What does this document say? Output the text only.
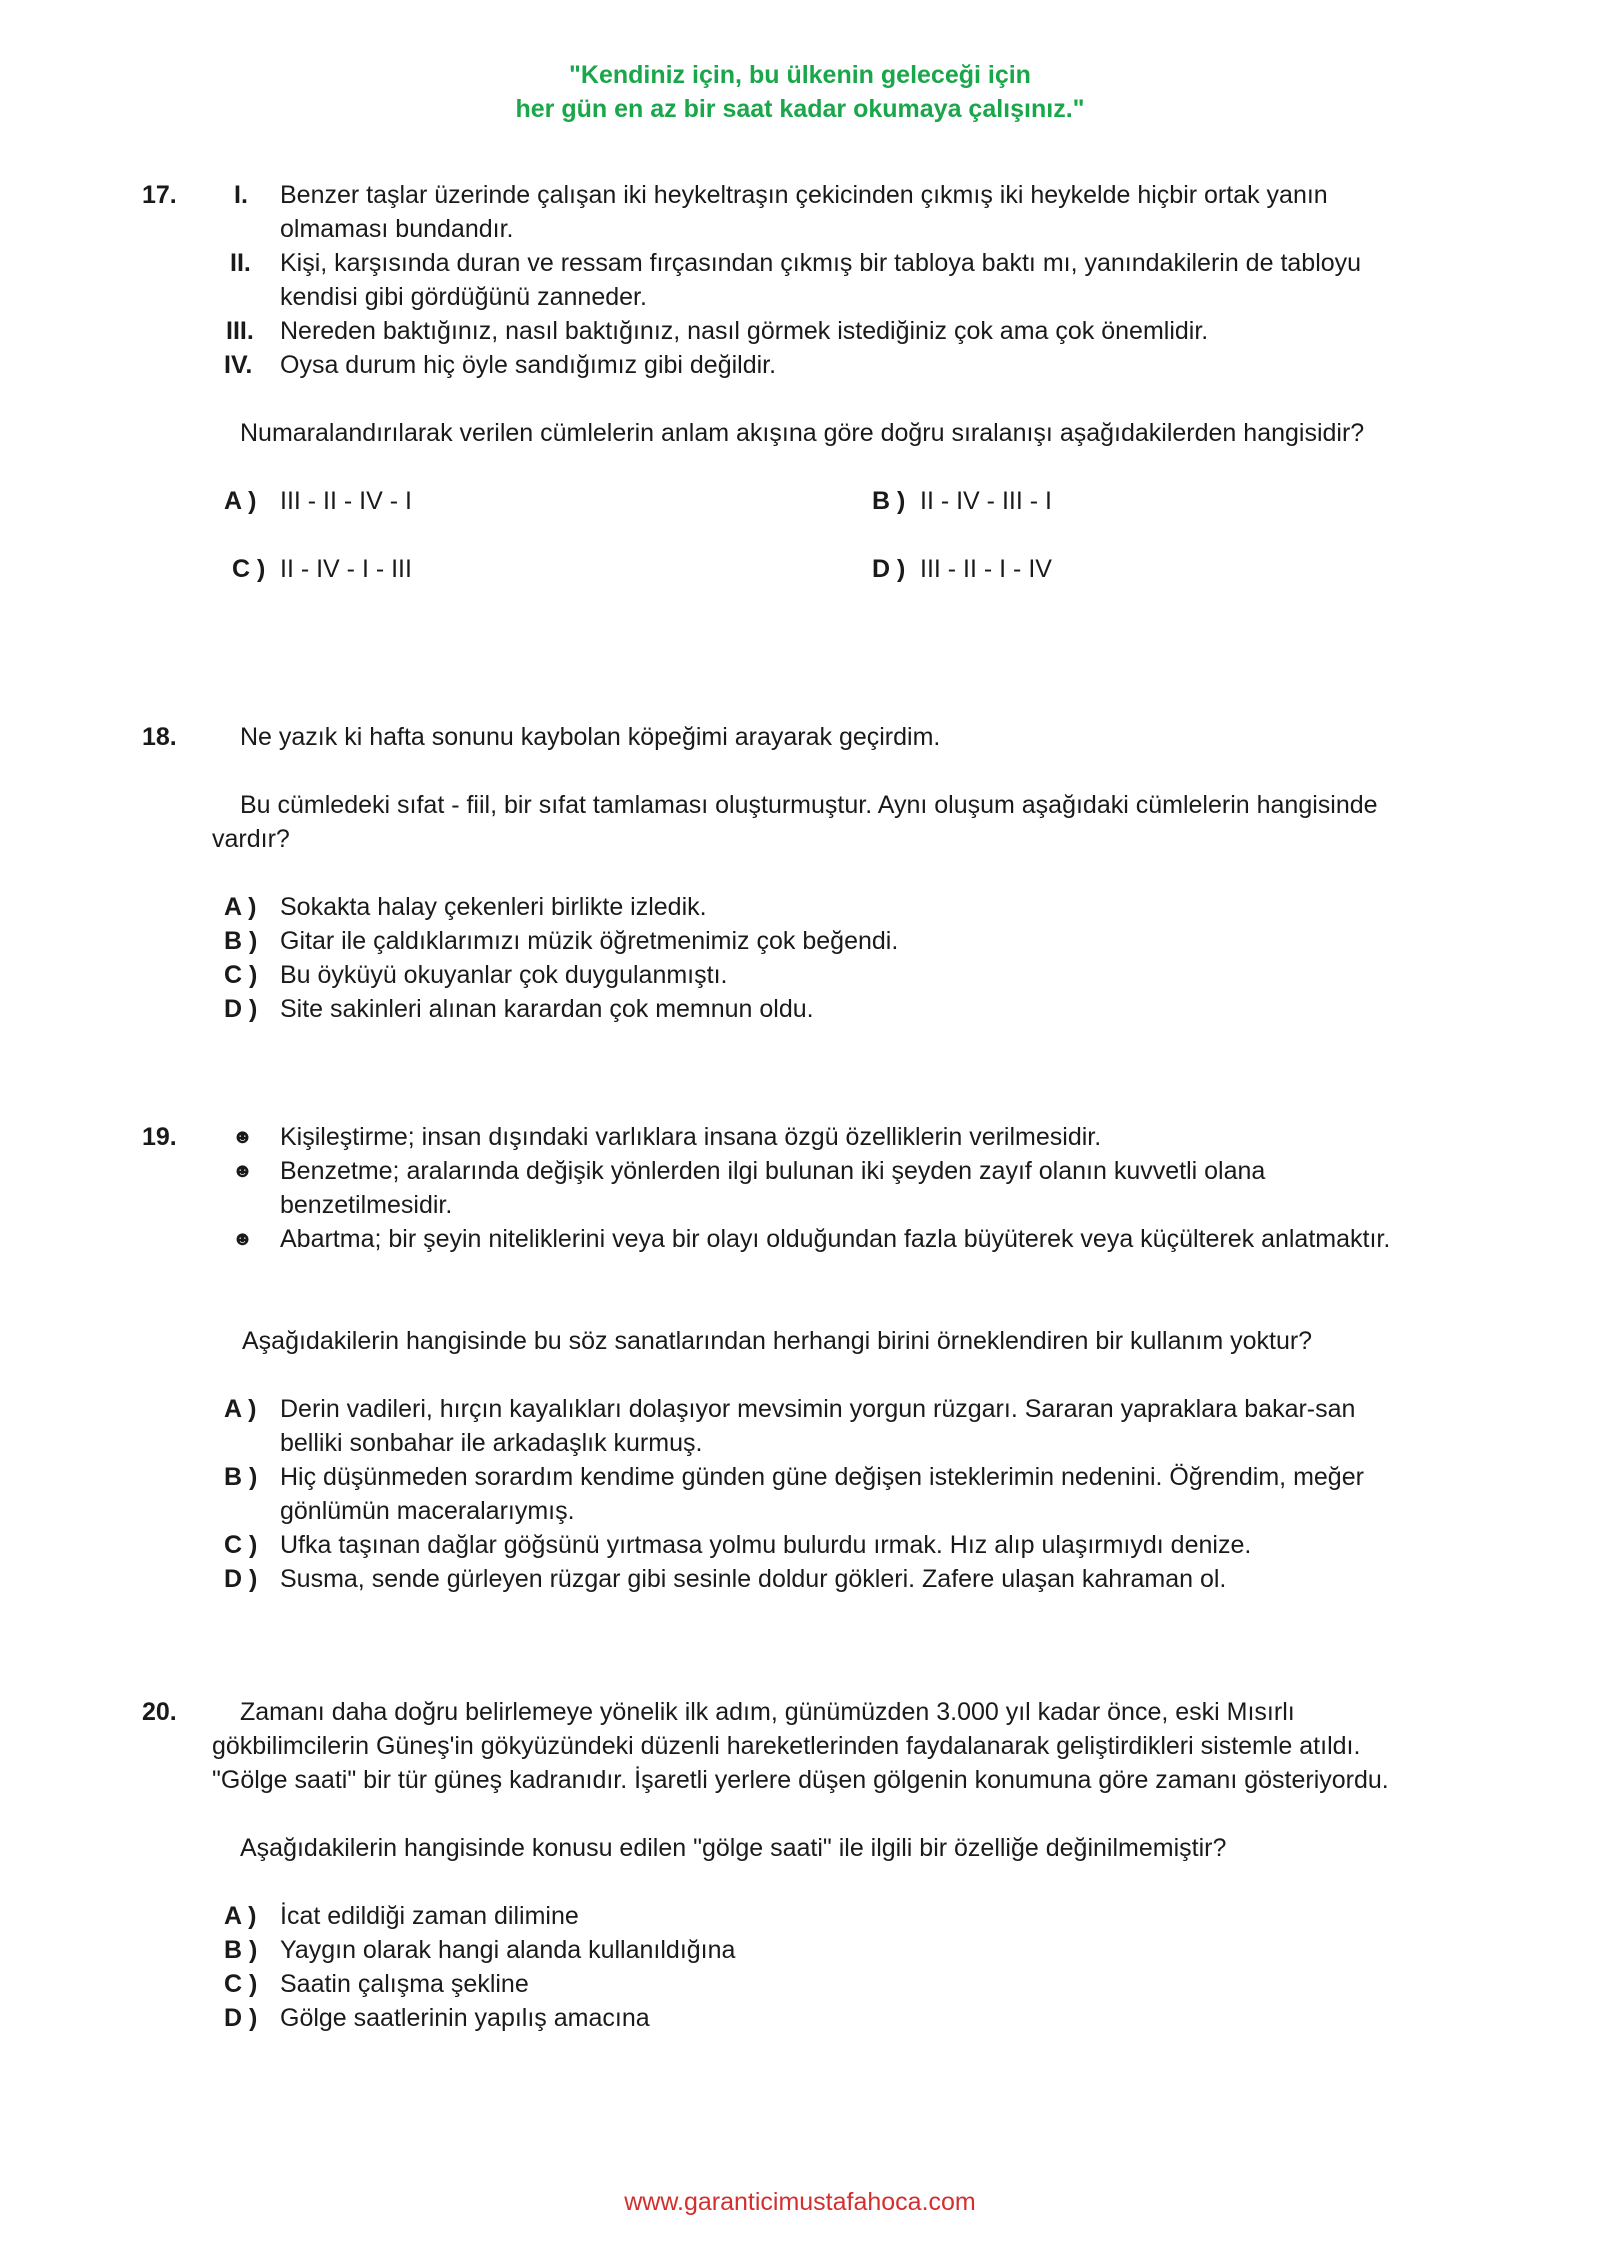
"Kendiniz için, bu ülkenin geleceği için
her gün en az bir saat kadar okumaya çalışınız."
17. I. Benzer taşlar üzerinde çalışan iki heykeltraşın çekicinden çıkmış iki heykelde hiçbir ortak yanın olmaması bundandır.
II. Kişi, karşısında duran ve ressam fırçasından çıkmış bir tabloya baktı mı, yanındakilerin de tabloyu kendisi gibi gördüğünü zanneder.
III. Nereden baktığınız, nasıl baktığınız, nasıl görmek istediğiniz çok ama çok önemlidir.
IV. Oysa durum hiç öyle sandığımız gibi değildir.
Numaralandırılarak verilen cümlelerin anlam akışına göre doğru sıralanışı aşağıdakilerden hangisidir?
A ) III - II - IV - I	B ) II - IV - III - I
C ) II - IV - I - III	D ) III - II - I - IV
18.	Ne yazık ki hafta sonunu kaybolan köpeğimi arayarak geçirdim.
Bu cümledeki sıfat - fiil, bir sıfat tamlaması oluşturmuştur. Aynı oluşum aşağıdaki cümlelerin hangisinde vardır?
A ) Sokakta halay çekenleri birlikte izledik.
B ) Gitar ile çaldıklarımızı müzik öğretmenimiz çok beğendi.
C ) Bu öyküyü okuyanlar çok duygulanmıştı.
D ) Site sakinleri alınan karardan çok memnun oldu.
19.	☻ Kişileştirme; insan dışındaki varlıklara insana özgü özelliklerin verilmesidir.
☻ Benzetme; aralarında değişik yönlerden ilgi bulunan iki şeyden zayıf olanın kuvvetli olana benzetilmesidir.
☻ Abartma; bir şeyin niteliklerini veya bir olayı olduğundan fazla büyüterek veya küçülterek anlatmaktır.
Aşağıdakilerin hangisinde bu söz sanatlarından herhangi birini örneklendiren bir kullanım yoktur?
A ) Derin vadileri, hırçın kayalıkları dolaşıyor mevsimin yorgun rüzgarı. Sararan yapraklara bakar-san belliki sonbahar ile arkadaşlık kurmuş.
B ) Hiç düşünmeden sorardım kendime günden güne değişen isteklerimin nedenini. Öğrendim, meğer gönlümün maceralarıymış.
C ) Ufka taşınan dağlar göğsünü yırtmasa yolmu bulurdu ırmak. Hız alıp ulaşırmıydı denize.
D ) Susma, sende gürleyen rüzgar gibi sesinle doldur gökleri. Zafere ulaşan kahraman ol.
20.	Zamanı daha doğru belirlemeye yönelik ilk adım, günümüzden 3.000 yıl kadar önce, eski Mısırlı gökbilimcilerin Güneş'in gökyüzündeki düzenli hareketlerinden faydalanarak geliştirdikleri sistemle atıldı. "Gölge saati" bir tür güneş kadranıdır. İşaretli yerlere düşen gölgenin konumuna göre zamanı gösteriyordu.
Aşağıdakilerin hangisinde konusu edilen "gölge saati" ile ilgili bir özelliğe değinilmemiştir?
A ) İcat edildiği zaman dilimine
B ) Yaygın olarak hangi alanda kullanıldığına
C ) Saatin çalışma şekline
D ) Gölge saatlerinin yapılış amacına
www.garanticimustafahoca.com
